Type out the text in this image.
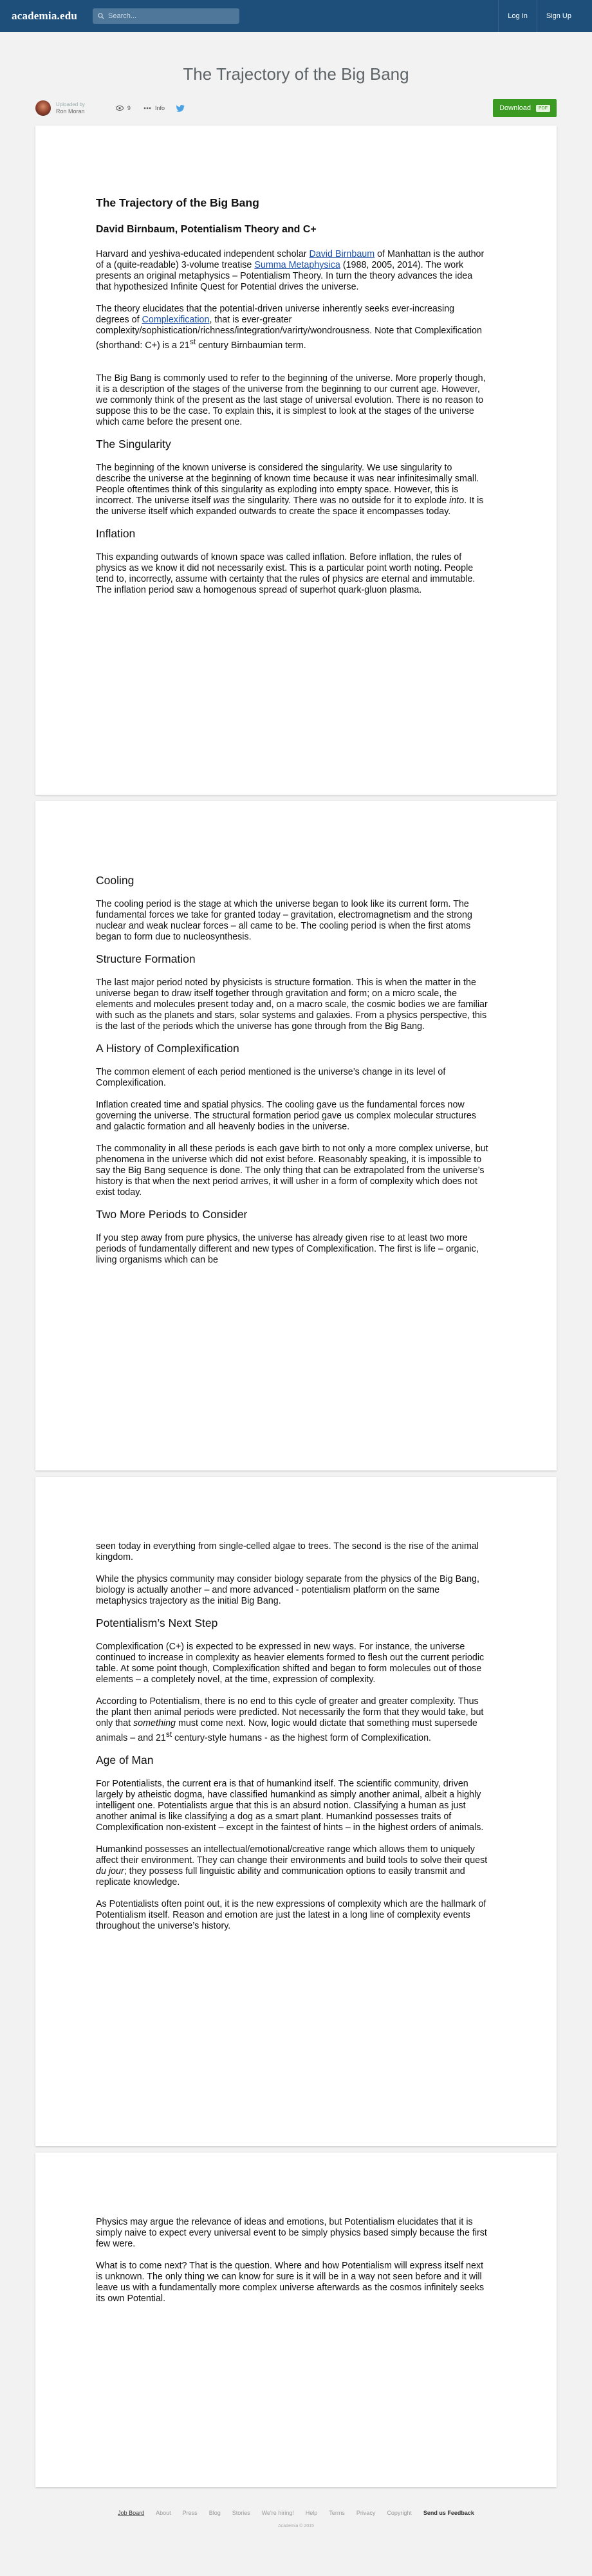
academia.edu	Search...	Log In	Sign Up
The Trajectory of the Big Bang
Uploaded by
Ron Moran	9	Info	Download	PDF
The Trajectory of the Big Bang
David Birnbaum, Potentialism Theory and C+

Harvard and yeshiva-educated independent scholar David Birnbaum of Manhattan is the author of a (quite-readable) 3-volume treatise Summa Metaphysica (1988, 2005, 2014). The work presents an original metaphysics – Potentialism Theory. In turn the theory advances the idea that hypothesized Infinite Quest for Potential drives the universe.

The theory elucidates that the potential-driven universe inherently seeks ever-increasing degrees of Complexification, that is ever-greater complexity/sophistication/richness/integration/varirty/wondrousness. Note that Complexification (shorthand: C+) is a 21st century Birnbaumian term.

The Big Bang is commonly used to refer to the beginning of the universe. More properly though, it is a description of the stages of the universe from the beginning to our current age. However, we commonly think of the present as the last stage of universal evolution. There is no reason to suppose this to be the case. To explain this, it is simplest to look at the stages of the universe which came before the present one.

The Singularity

The beginning of the known universe is considered the singularity. We use singularity to describe the universe at the beginning of known time because it was near infinitesimally small. People oftentimes think of this singularity as exploding into empty space. However, this is incorrect. The universe itself was the singularity. There was no outside for it to explode into. It is the universe itself which expanded outwards to create the space it encompasses today.

Inflation

This expanding outwards of known space was called inflation. Before inflation, the rules of physics as we know it did not necessarily exist. This is a particular point worth noting. People tend to, incorrectly, assume with certainty that the rules of physics are eternal and immutable. The inflation period saw a homogenous spread of superhot quark-gluon plasma.

Cooling

The cooling period is the stage at which the universe began to look like its current form. The fundamental forces we take for granted today – gravitation, electromagnetism and the strong nuclear and weak nuclear forces – all came to be. The cooling period is when the first atoms began to form due to nucleosynthesis.

Structure Formation

The last major period noted by physicists is structure formation. This is when the matter in the universe began to draw itself together through gravitation and form; on a micro scale, the elements and molecules present today and, on a macro scale, the cosmic bodies we are familiar with such as the planets and stars, solar systems and galaxies. From a physics perspective, this is the last of the periods which the universe has gone through from the Big Bang.

A History of Complexification

The common element of each period mentioned is the universe’s change in its level of Complexification.

Inflation created time and spatial physics. The cooling gave us the fundamental forces now governing the universe. The structural formation period gave us complex molecular structures and galactic formation and all heavenly bodies in the universe.

The commonality in all these periods is each gave birth to not only a more complex universe, but phenomena in the universe which did not exist before. Reasonably speaking, it is impossible to say the Big Bang sequence is done. The only thing that can be extrapolated from the universe’s history is that when the next period arrives, it will usher in a form of complexity which does not exist today.

Two More Periods to Consider

If you step away from pure physics, the universe has already given rise to at least two more periods of fundamentally different and new types of Complexification. The first is life – organic, living organisms which can be

seen today in everything from single-celled algae to trees. The second is the rise of the animal kingdom.

While the physics community may consider biology separate from the physics of the Big Bang, biology is actually another – and more advanced - potentialism platform on the same metaphysics trajectory as the initial Big Bang.

Potentialism’s Next Step

Complexification (C+) is expected to be expressed in new ways. For instance, the universe continued to increase in complexity as heavier elements formed to flesh out the current periodic table. At some point though, Complexification shifted and began to form molecules out of those elements – a completely novel, at the time, expression of complexity.

According to Potentialism, there is no end to this cycle of greater and greater complexity. Thus the plant then animal periods were predicted. Not necessarily the form that they would take, but only that something must come next. Now, logic would dictate that something must supersede animals – and 21st century-style humans - as the highest form of Complexification.

Age of Man

For Potentialists, the current era is that of humankind itself. The scientific community, driven largely by atheistic dogma, have classified humankind as simply another animal, albeit a highly intelligent one. Potentialists argue that this is an absurd notion. Classifying a human as just another animal is like classifying a dog as a smart plant. Humankind possesses traits of Complexification non-existent – except in the faintest of hints – in the highest orders of animals.

Humankind possesses an intellectual/emotional/creative range which allows them to uniquely affect their environment. They can change their environments and build tools to solve their quest du jour; they possess full linguistic ability and communication options to easily transmit and replicate knowledge.

As Potentialists often point out, it is the new expressions of complexity which are the hallmark of Potentialism itself. Reason and emotion are just the latest in a long line of complexity events throughout the universe’s history.

Physics may argue the relevance of ideas and emotions, but Potentialism elucidates that it is simply naive to expect every universal event to be simply physics based simply because the first few were.

What is to come next? That is the question. Where and how Potentialism will express itself next is unknown. The only thing we can know for sure is it will be in a way not seen before and it will leave us with a fundamentally more complex universe afterwards as the cosmos infinitely seeks its own Potential.

Job Board About Press Blog Stories We're hiring! Help Terms Privacy Copyright Send us Feedback
Academia © 2015
